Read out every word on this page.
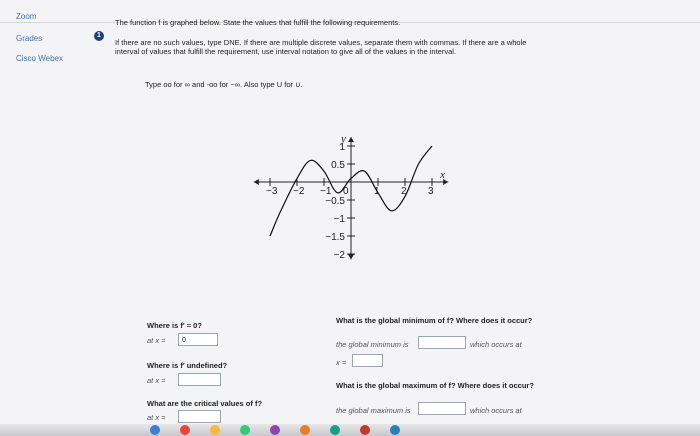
Zoom
Grades
Cisco Webex
1
The function f is graphed below. State the values that fulfill the following requirements.
If there are no such values, type DNE. If there are multiple discrete values, separate them with commas. If there are a whole interval of values that fulfill the requirement, use interval notation to give all of the values in the interval.
Type oo for ∞ and -oo for −∞. Also type U for ∪.
−3 −2 −1 0	1 2 3
1
0.5
−0.5
−1
−1.5
−2
y
x
Where is f′ = 0?
at x =	0
Where is f′ undefined?
at x =
What are the critical values of f?
at x =
What is the global minimum of f? Where does it occur?
the global minimum is	which occurs at
x =
What is the global maximum of f? Where does it occur?
the global maximum is	which occurs at
